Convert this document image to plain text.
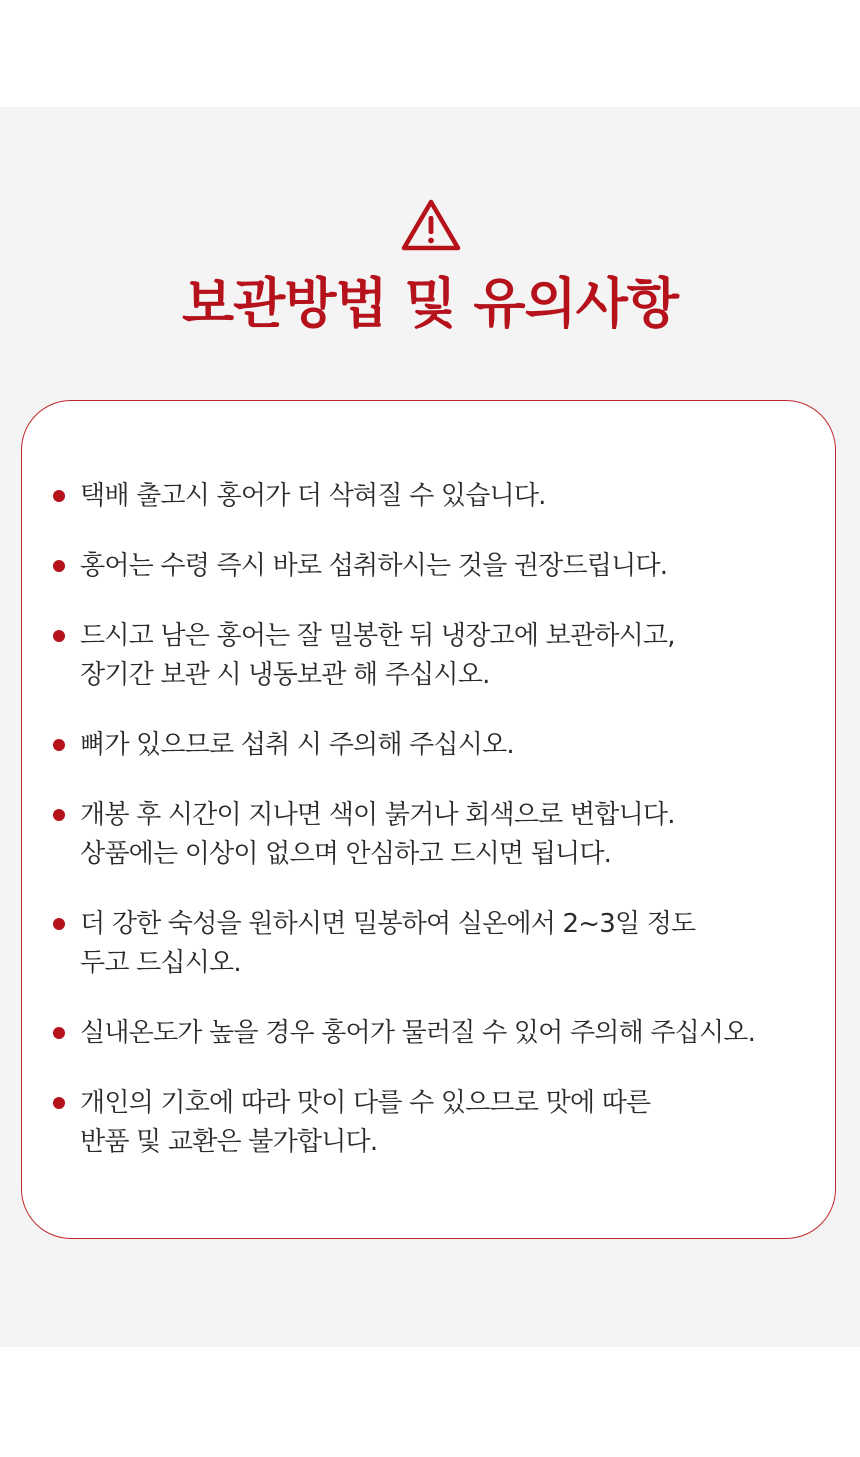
보관방법 및 유의사항
택배 출고시 홍어가 더 삭혀질 수 있습니다.
홍어는 수령 즉시 바로 섭취하시는 것을 권장드립니다.
드시고 남은 홍어는 잘 밀봉한 뒤 냉장고에 보관하시고,
장기간 보관 시 냉동보관 해 주십시오.
뼈가 있으므로 섭취 시 주의해 주십시오.
개봉 후 시간이 지나면 색이 붉거나 회색으로 변합니다.
상품에는 이상이 없으며 안심하고 드시면 됩니다.
더 강한 숙성을 원하시면 밀봉하여 실온에서 2~3일 정도
두고 드십시오.
실내온도가 높을 경우 홍어가 물러질 수 있어 주의해 주십시오.
개인의 기호에 따라 맛이 다를 수 있으므로 맛에 따른
반품 및 교환은 불가합니다.
